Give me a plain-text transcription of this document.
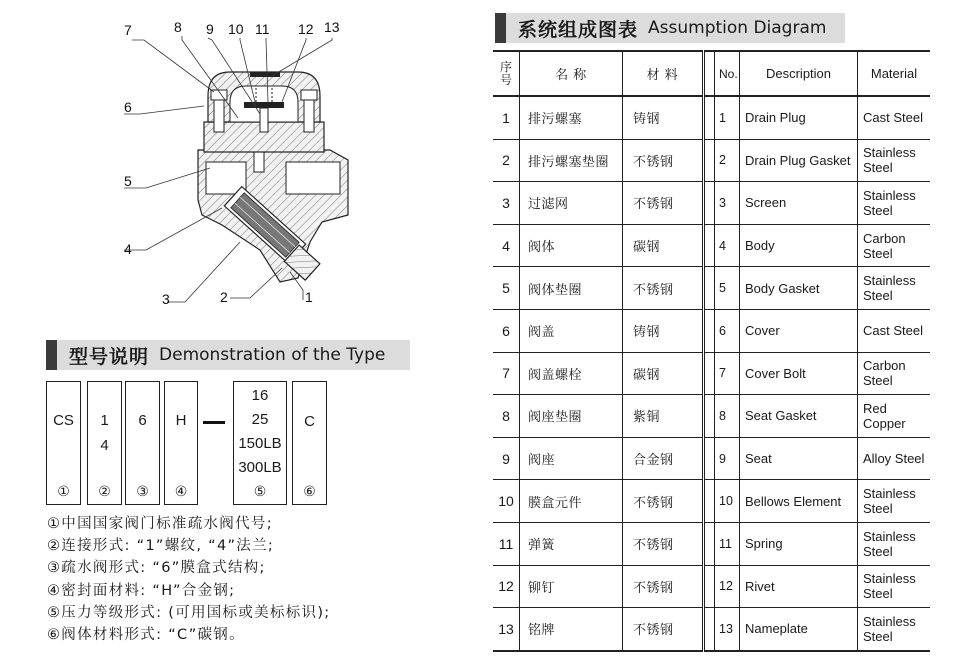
1
2
3
4
5
6
7	8 9 10 11 12 13
型号说明 Demonstration of the Type
CS
①
1
4
②
6
③
H
④
16
25
150LB
300LB
⑤
C
⑥
①中国国家阀门标准疏水阀代号;
②连接形式: “1”螺纹, “4”法兰;
③疏水阀形式: “6”膜盒式结构;
④密封面材料: “H”合金钢;
⑤压力等级形式: (可用国标或美标标识);
⑥阀体材料形式: “C”碳钢。
系统组成图表 Assumption Diagram
序号	名 称	材 料		No.	Description	Material
1	排污螺塞	铸钢		1	Drain Plug	Cast Steel
2	排污螺塞垫圈	不锈钢		2	Drain Plug Gasket	Stainless Steel
3	过滤网	不锈钢		3	Screen	Stainless Steel
4	阀体	碳钢		4	Body	Carbon Steel
5	阀体垫圈	不锈钢		5	Body Gasket	Stainless Steel
6	阀盖	铸钢		6	Cover	Cast Steel
7	阀盖螺栓	碳钢		7	Cover Bolt	Carbon Steel
8	阀座垫圈	紫铜		8	Seat Gasket	Red Copper
9	阀座	合金钢		9	Seat	Alloy Steel
10	膜盒元件	不锈钢		10	Bellows Element	Stainless Steel
11	弹簧	不锈钢		11	Spring	Stainless Steel
12	铆钉	不锈钢		12	Rivet	Stainless Steel
13	铭牌	不锈钢		13	Nameplate	Stainless Steel
